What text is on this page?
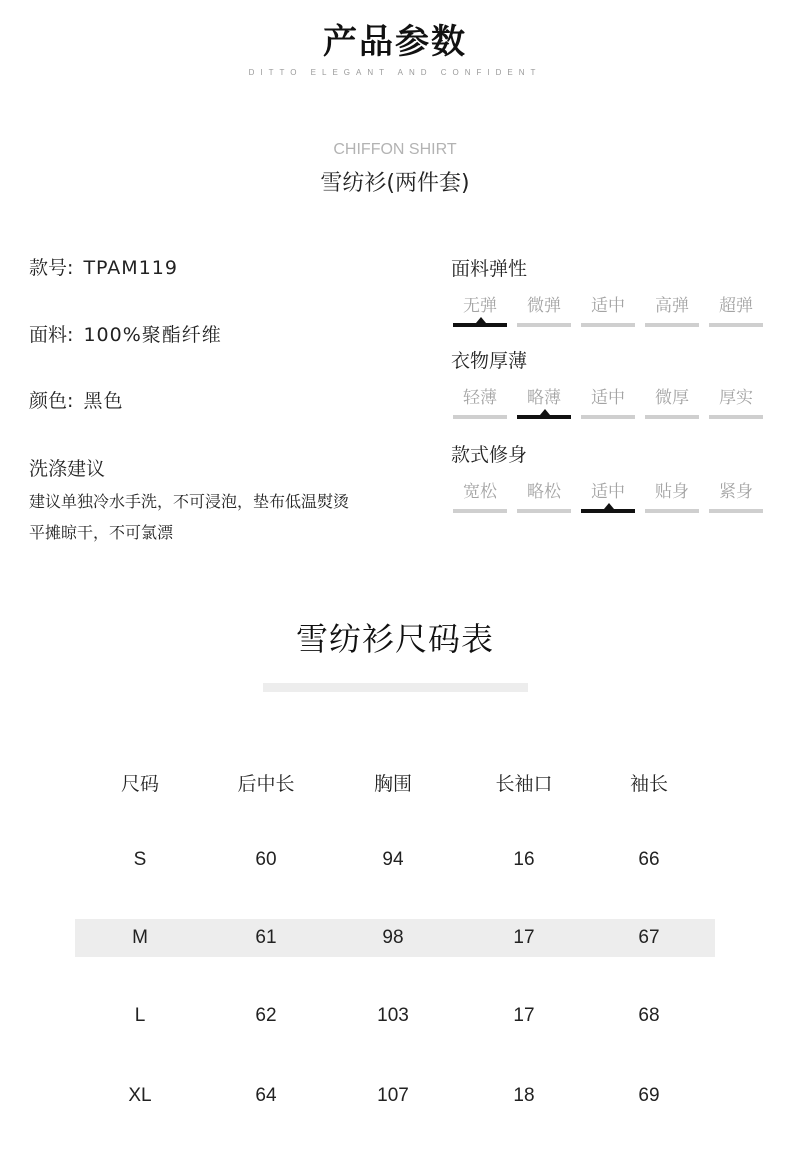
产品参数
DITTO ELEGANT AND CONFIDENT
CHIFFON SHIRT
雪纺衫(两件套)
款号: TPAM119
面料: 100%聚酯纤维
颜色: 黑色
洗涤建议
建议单独冷水手洗，不可浸泡，垫布低温熨烫
平摊晾干，不可氯漂
面料弹性
无弹	微弹	适中	高弹	超弹
衣物厚薄
轻薄	略薄	适中	微厚	厚实
款式修身
宽松	略松	适中	贴身	紧身
雪纺衫尺码表
尺码	后中长	胸围	长袖口	袖长
S	60	94	16	66
M	61	98	17	67
L	62	103	17	68
XL	64	107	18	69
